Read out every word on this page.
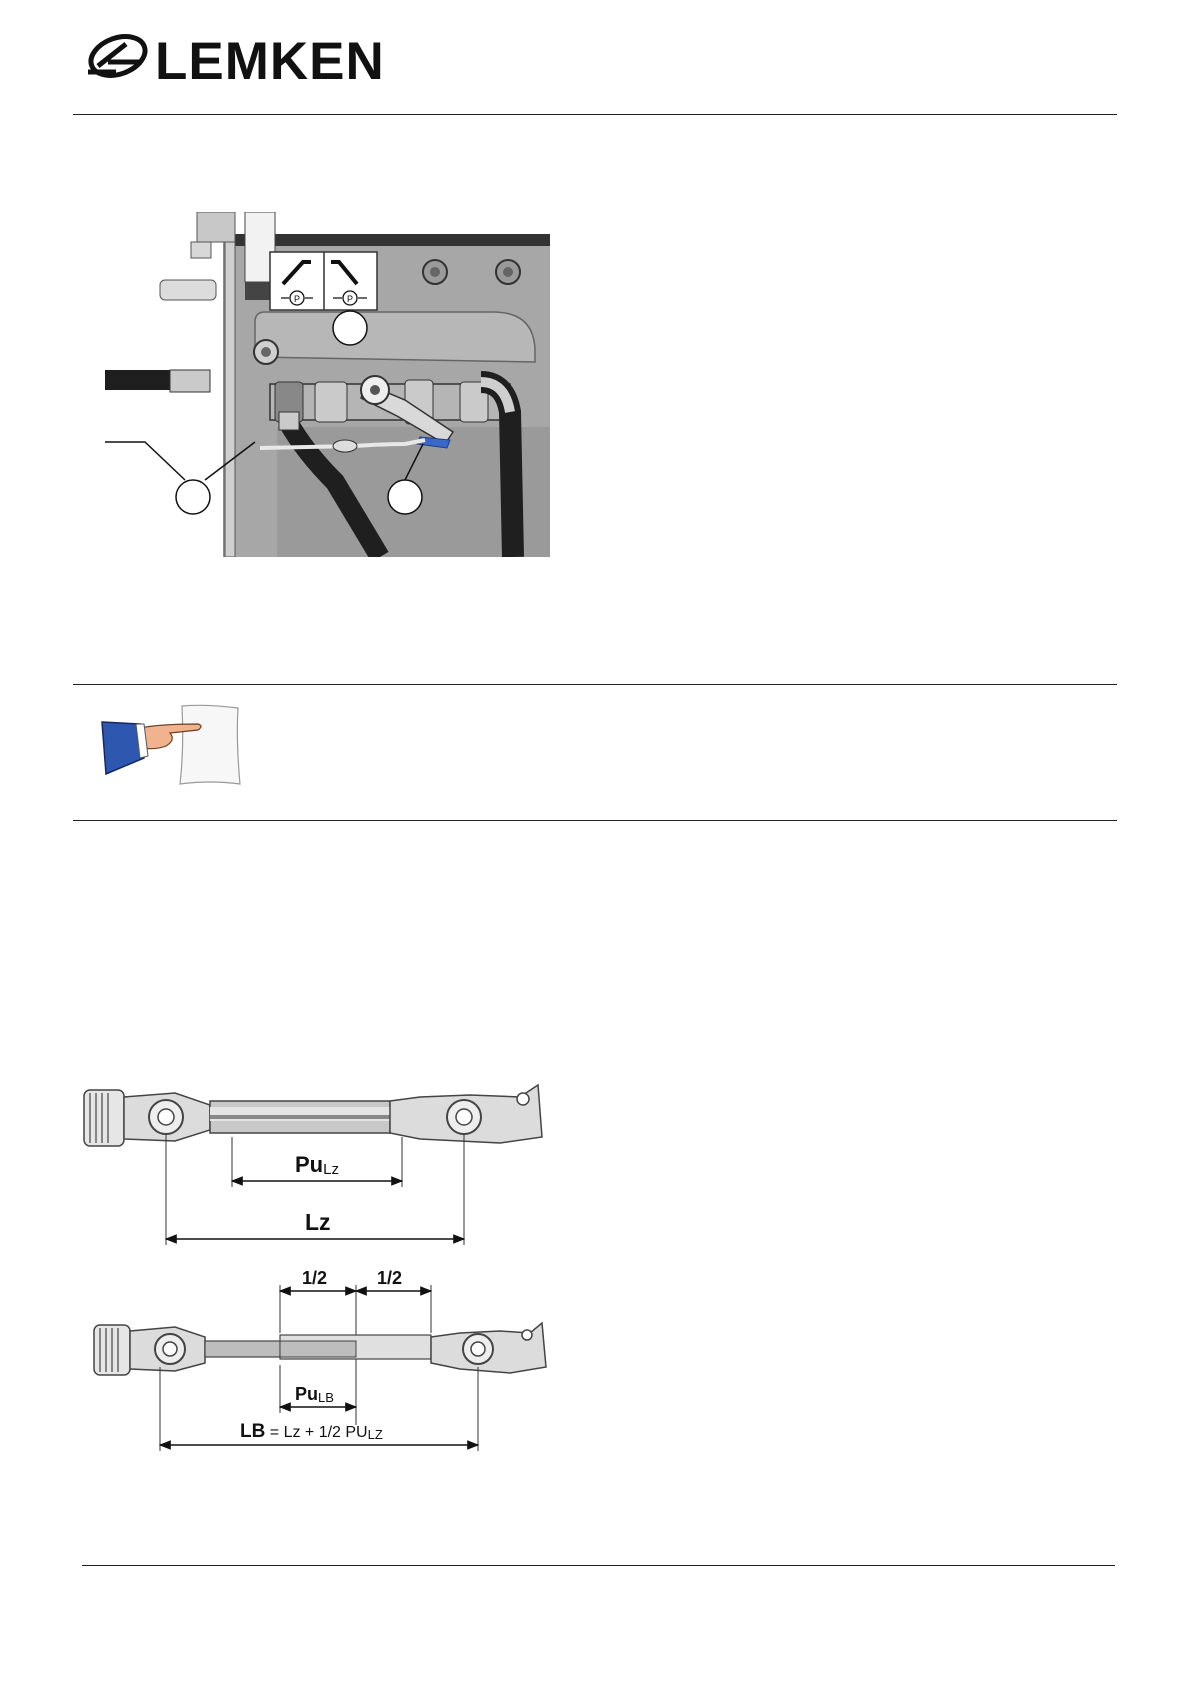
LEMKEN
P	P
PuLz
Lz
1/2	1/2
PuLB
LB = Lz + 1/2 PULZ
